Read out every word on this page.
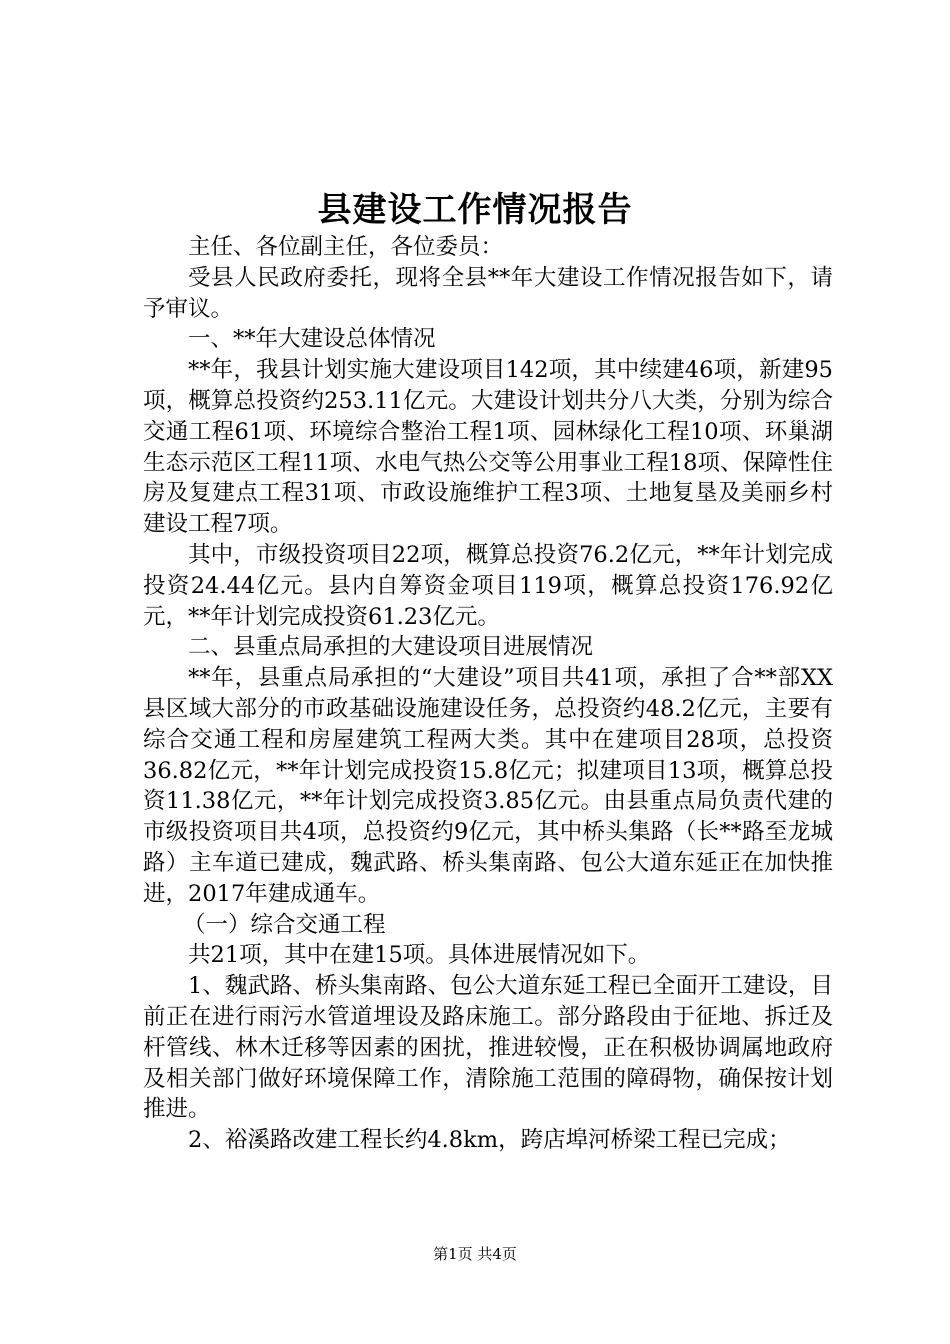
县建设工作情况报告

主任、各位副主任，各位委员：

受县人民政府委托，现将全县**年大建设工作情况报告如下，请予审议。

一、**年大建设总体情况

**年，我县计划实施大建设项目142项，其中续建46项，新建95项，概算总投资约253.11亿元。大建设计划共分八大类，分别为综合交通工程61项、环境综合整治工程1项、园林绿化工程10项、环巢湖生态示范区工程11项、水电气热公交等公用事业工程18项、保障性住房及复建点工程31项、市政设施维护工程3项、土地复垦及美丽乡村建设工程7项。

其中，市级投资项目22项，概算总投资76.2亿元，**年计划完成投资24.44亿元。县内自筹资金项目119项，概算总投资176.92亿元，**年计划完成投资61.23亿元。

二、县重点局承担的大建设项目进展情况

**年，县重点局承担的“大建设”项目共41项，承担了合**部XX县区域大部分的市政基础设施建设任务，总投资约48.2亿元，主要有综合交通工程和房屋建筑工程两大类。其中在建项目28项，总投资36.82亿元，**年计划完成投资15.8亿元；拟建项目13项，概算总投资11.38亿元，**年计划完成投资3.85亿元。由县重点局负责代建的市级投资项目共4项，总投资约9亿元，其中桥头集路（长**路至龙城路）主车道已建成，魏武路、桥头集南路、包公大道东延正在加快推进，2017年建成通车。

（一）综合交通工程

共21项，其中在建15项。具体进展情况如下。

1、魏武路、桥头集南路、包公大道东延工程已全面开工建设，目前正在进行雨污水管道埋设及路床施工。部分路段由于征地、拆迁及杆管线、林木迁移等因素的困扰，推进较慢，正在积极协调属地政府及相关部门做好环境保障工作，清除施工范围的障碍物，确保按计划推进。

2、裕溪路改建工程长约4.8km，跨店埠河桥梁工程已完成；

第1页 共4页
